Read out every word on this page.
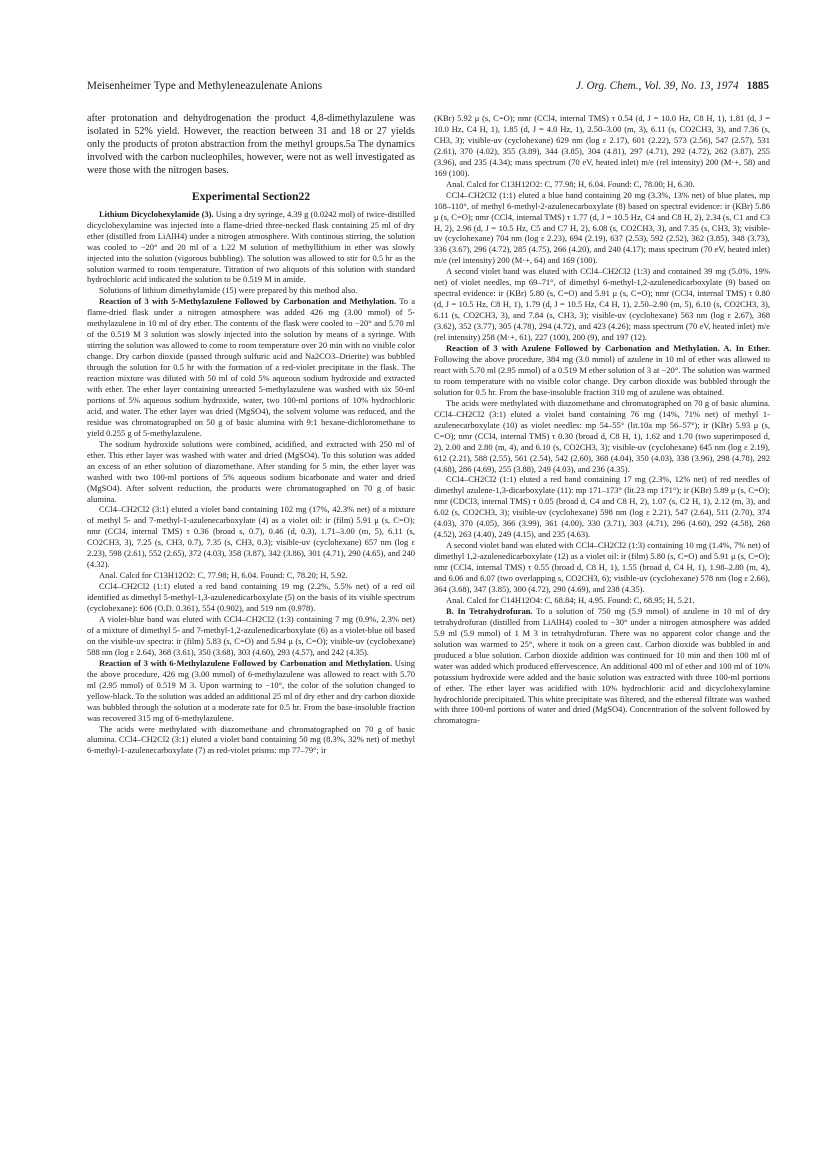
Meisenheimer Type and Methyleneazulenate Anions	J. Org. Chem., Vol. 39, No. 13, 1974 1885

after protonation and dehydrogenation the product 4,8-dimethylazulene was isolated in 52% yield. However, the reaction between 31 and 18 or 27 yields only the products of proton abstraction from the methyl groups.5a The dynamics involved with the carbon nucleophiles, however, were not as well investigated as were those with the nitrogen bases.

Experimental Section22

Lithium Dicyclohexylamide (3). Using a dry syringe, 4.39 g (0.0242 mol) of twice-distilled dicyclohexylamine was injected into a flame-dried three-necked flask containing 25 ml of dry ether (distilled from LiAlH4) under a nitrogen atmosphere. With continous stirring, the solution was cooled to −20° and 20 ml of a 1.22 M solution of methyllithium in ether was slowly injected into the solution (vigorous bubbling). The solution was allowed to stir for 0.5 hr as the solution warmed to room temperature. Titration of two aliquots of this solution with standard hydrochloric acid indicated the solution to be 0.519 M in amide.

Solutions of lithium dimethylamide (15) were prepared by this method also.

Reaction of 3 with 5-Methylazulene Followed by Carbonation and Methylation. To a flame-dried flask under a nitrogen atmosphere was added 426 mg (3.00 mmol) of 5-methylazulene in 10 ml of dry ether. The contents of the flask were cooled to −20° and 5.70 ml of the 0.519 M 3 solution was slowly injected into the solution by means of a syringe. With stirring the solution was allowed to come to room temperature over 20 min with no visible color change. Dry carbon dioxide (passed through sulfuric acid and Na2CO3–Drierite) was bubbled through the solution for 0.5 hr with the formation of a red-violet precipitate in the flask. The reaction mixture was diluted with 50 ml of cold 5% aqueous sodium hydroxide and extracted with ether. The ether layer containing unreacted 5-methylazulene was washed with six 50-ml portions of 5% aqueous sodium hydroxide, water, two 100-ml portions of 10% hydrochloric acid, and water. The ether layer was dried (MgSO4), the solvent volume was reduced, and the residue was chromatographed on 50 g of basic alumina with 9:1 hexane-dichloromethane to yield 0.255 g of 5-methylazulene.

The sodium hydroxide solutions were combined, acidified, and extracted with 250 ml of ether. This ether layer was washed with water and dried (MgSO4). To this solution was added an excess of an ether solution of diazomethane. After standing for 5 min, the ether layer was washed with two 100-ml portions of 5% aqueous sodium bicarbonate and water and dried (MgSO4). After solvent reduction, the products were chromatographed on 70 g of basic alumina.

CCl4–CH2Cl2 (3:1) eluted a violet band containing 102 mg (17%, 42.3% net) of a mixture of methyl 5- and 7-methyl-1-azulenecarboxylate (4) as a violet oil: ir (film) 5.91 μ (s, C=O); nmr (CCl4, internal TMS) τ 0.36 (broad s, 0.7), 0.46 (d, 0.3), 1.71–3.00 (m, 5), 6.11 (s, CO2CH3, 3), 7.25 (s, CH3, 0.7), 7.35 (s, CH3, 0.3); visible-uv (cyclohexane) 657 nm (log ε 2.23), 598 (2.61), 552 (2.65), 372 (4.03), 358 (3.87), 342 (3.86), 301 (4.71), 290 (4.65), and 240 (4.32).

Anal. Calcd for C13H12O2: C, 77.98; H, 6.04. Found: C, 78.20; H, 5.92.

CCl4–CH2Cl2 (1:1) eluted a red band containing 19 mg (2.2%, 5.5% net) of a red oil identified as dimethyl 5-methyl-1,3-azulenedicarboxylate (5) on the basis of its visible spectrum (cyclohexane): 606 (O.D. 0.361), 554 (0.902), and 519 nm (0.978).

A violet-blue band was eluted with CCl4–CH2Cl2 (1:3) containing 7 mg (0.9%, 2.3% net) of a mixture of dimethyl 5- and 7-methyl-1,2-azulenedicarboxylate (6) as a violet-blue oil based on the visible-uv spectra: ir (film) 5.83 (s, C=O) and 5.94 μ (s, C=O); visible-uv (cyclohexane) 588 nm (log ε 2.64), 368 (3.61), 350 (3.68), 303 (4.60), 293 (4.57), and 242 (4.35).

Reaction of 3 with 6-Methylazulene Followed by Carbonation and Methylation. Using the above procedure, 426 mg (3.00 mmol) of 6-methylazulene was allowed to react with 5.70 ml (2.95 mmol) of 0.519 M 3. Upon warming to −10°, the color of the solution changed to yellow-black. To the solution was added an additional 25 ml of dry ether and dry carbon dioxide was bubbled through the solution at a moderate rate for 0.5 hr. From the base-insoluble fraction was recovered 315 mg of 6-methylazulene.

The acids were methylated with diazomethane and chromatographed on 70 g of basic alumina. CCl4–CH2Cl2 (3:1) eluted a violet band containing 50 mg (8.3%, 32% net) of methyl 6-methyl-1-azulenecarboxylate (7) as red-violet prisms: mp 77–79°; ir

(KBr) 5.92 μ (s, C=O); nmr (CCl4, internal TMS) τ 0.54 (d, J = 10.0 Hz, C8 H, 1), 1.81 (d, J = 10.0 Hz, C4 H, 1), 1.85 (d, J = 4.0 Hz, 1), 2.50–3.00 (m, 3), 6.11 (s, CO2CH3, 3), and 7.36 (s, CH3, 3); visible-uv (cyclohexane) 629 nm (log ε 2.17), 601 (2.22), 573 (2.56), 547 (2.57), 531 (2.61), 370 (4.02), 355 (3.89), 344 (3.85), 304 (4.81), 297 (4.71), 292 (4.72), 262 (3.87), 255 (3.96), and 235 (4.34); mass spectrum (70 eV, heated inlet) m/e (rel intensity) 200 (M·+, 58) and 169 (100).

Anal. Calcd for C13H12O2: C, 77.98; H, 6.04. Found: C, 78.00; H, 6.30.

CCl4–CH2Cl2 (1:1) eluted a blue band containing 20 mg (3.3%, 13% net) of blue plates, mp 108–110°, of methyl 6-methyl-2-azulenecarboxylate (8) based on spectral evidence: ir (KBr) 5.86 μ (s, C=O); nmr (CCl4, internal TMS) τ 1.77 (d, J = 10.5 Hz, C4 and C8 H, 2), 2.34 (s, C1 and C3 H, 2), 2.96 (d, J = 10.5 Hz, C5 and C7 H, 2), 6.08 (s, CO2CH3, 3), and 7.35 (s, CH3, 3); visible-uv (cyclohexane) 704 nm (log ε 2.23), 694 (2.19), 637 (2.53), 592 (2.52), 362 (3.85), 348 (3.73), 336 (3.67), 296 (4.72), 285 (4.75), 266 (4.20), and 240 (4.17); mass spectrum (70 eV, heated inlet) m/e (rel intensity) 200 (M·+, 64) and 169 (100).

A second violet band was eluted with CCl4–CH2Cl2 (1:3) and contained 39 mg (5.0%, 19% net) of violet needles, mp 69–71°, of dimethyl 6-methyl-1,2-azulenedicarboxylate (9) based on spectral evidence: ir (KBr) 5.80 (s, C=O) and 5.91 μ (s, C=O); nmr (CCl4, internal TMS) τ 0.80 (d, J = 10.5 Hz, C8 H, 1), 1.79 (d, J = 10.5 Hz, C4 H, 1), 2.50–2.90 (m, 5), 6.10 (s, CO2CH3, 3), 6.11 (s, CO2CH3, 3), and 7.84 (s, CH3, 3); visible-uv (cyclohexane) 563 nm (log ε 2.67), 368 (3.62), 352 (3.77), 305 (4.78), 294 (4.72), and 423 (4.26); mass spectrum (70 eV, heated inlet) m/e (rel intensity) 258 (M·+, 61), 227 (100), 200 (9), and 197 (12).

Reaction of 3 with Azulene Followed by Carbonation and Methylation. A. In Ether. Following the above procedure, 384 mg (3.0 mmol) of azulene in 10 ml of ether was allowed to react with 5.70 ml (2.95 mmol) of a 0.519 M ether solution of 3 at −20°. The solution was warmed to room temperature with no visible color change. Dry carbon dioxide was bubbled through the solution for 0.5 hr. From the base-insoluble fraction 310 mg of azulene was obtained.

The acids were methylated with diazomethane and chromatographed on 70 g of basic alumina. CCl4–CH2Cl2 (3:1) eluted a violet band containing 76 mg (14%, 71% net) of methyl 1-azulenecarboxylate (10) as violet needles: mp 54–55° (lit.10a mp 56–57°); ir (KBr) 5.93 μ (s, C=O); nmr (CCl4, internal TMS) τ 0.30 (broad d, C8 H, 1), 1.62 and 1.70 (two superimposed d, 2), 2.00 and 2.80 (m, 4), and 6.10 (s, CO2CH3, 3); visible-uv (cyclohexane) 645 nm (log ε 2.19), 612 (2.21), 588 (2.55), 561 (2.54), 542 (2.60), 368 (4.04), 350 (4.03), 338 (3.96), 298 (4.78), 292 (4.68), 286 (4.69), 255 (3.88), 249 (4.03), and 236 (4.35).

CCl4–CH2Cl2 (1:1) eluted a red band containing 17 mg (2.3%, 12% net) of red needles of dimethyl azulene-1,3-dicarboxylate (11): mp 171–173° (lit.23 mp 171°); ir (KBr) 5.89 μ (s, C=O); nmr (CDCl3, internal TMS) τ 0.05 (broad d, C4 and C8 H, 2), 1.07 (s, C2 H, 1), 2.12 (m, 3), and 6.02 (s, CO2CH3, 3); visible-uv (cyclohexane) 598 nm (log ε 2.21), 547 (2.64), 511 (2.70), 374 (4.03), 370 (4.05), 366 (3.99), 361 (4.00), 330 (3.71), 303 (4.71), 296 (4.60), 292 (4.58), 268 (4.52), 263 (4.40), 249 (4.15), and 235 (4.63).

A second violet band was eluted with CCl4–CH2Cl2 (1:3) containing 10 mg (1.4%, 7% net) of dimethyl 1,2-azulenedicarboxylate (12) as a violet oil: ir (film) 5.80 (s, C=O) and 5.91 μ (s, C=O); nmr (CCl4, internal TMS) τ 0.55 (broad d, C8 H, 1), 1.55 (broad d, C4 H, 1), 1.98–2.80 (m, 4), and 6.06 and 6.07 (two overlapping s, CO2CH3, 6); visible-uv (cyclohexane) 578 nm (log ε 2.66), 364 (3.68), 347 (3.85), 300 (4.72), 290 (4.69), and 238 (4.35).

Anal. Calcd for C14H12O4: C, 68.84; H, 4.95. Found: C, 68.95; H, 5.21.

B. In Tetrahydrofuran. To a solution of 750 mg (5.9 mmol) of azulene in 10 ml of dry tetrahydrofuran (distilled from LiAlH4) cooled to −30° under a nitrogen atmosphere was added 5.9 ml (5.9 mmol) of 1 M 3 in tetrahydrofuran. There was no apparent color change and the solution was warmed to 25°, where it took on a green cast. Carbon dioxide was bubbled in and produced a blue solution. Carbon dioxide addition was continued for 10 min and then 100 ml of water was added which produced effervescence. An additional 400 ml of ether and 100 ml of 10% potassium hydroxide were added and the basic solution was extracted with three 100-ml portions of ether. The ether layer was acidified with 10% hydrochloric acid and dicyclohexylamine hydrochloride precipitated. This white precipitate was filtered, and the ethereal filtrate was washed with three 100-ml portions of water and dried (MgSO4). Concentration of the solvent followed by chromatogra-
